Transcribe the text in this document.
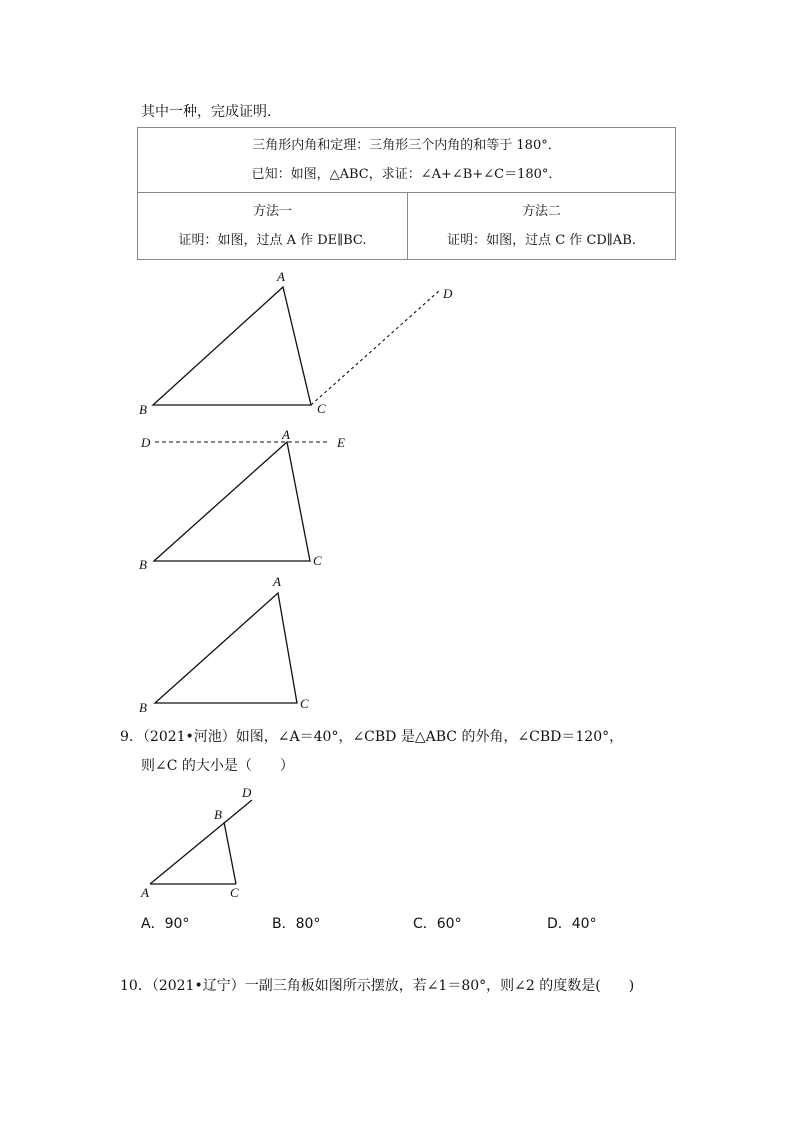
其中一种，完成证明.
三角形内角和定理：三角形三个内角的和等于 180°．
已知：如图，△ABC，求证：∠A+∠B+∠C＝180°．

方法一
证明：如图，过点 A 作 DE∥BC.

方法二
证明：如图，过点 C 作 CD∥AB.
A
B	C
D
A
D	E
B	C
A
B	C
D
B
A	C
9．（2021•河池）如图，∠A＝40°，∠CBD 是△ABC 的外角，∠CBD＝120°，
则∠C 的大小是（　　）
A．90°	B．80°	C．60°	D．40°
10．（2021•辽宁）一副三角板如图所示摆放，若∠1＝80°，则∠2 的度数是(　　)
